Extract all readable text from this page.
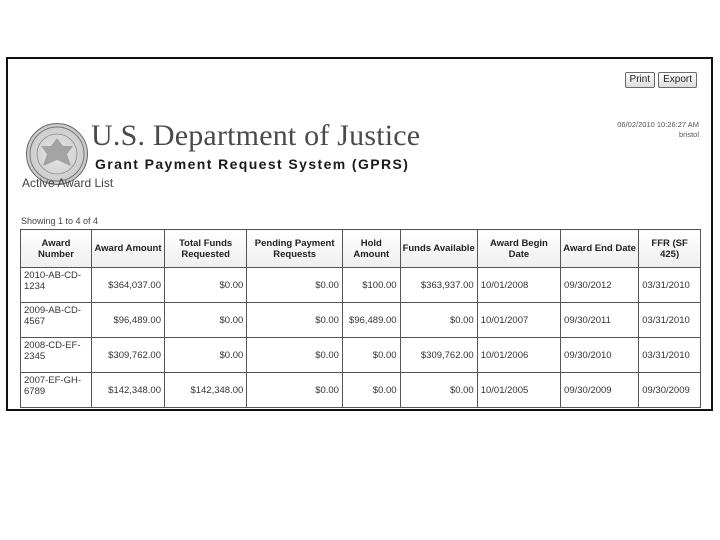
Print	Export
06/02/2010 10:26:27 AM
bristol
U.S. Department of Justice
Grant Payment Request System (GPRS)
Active Award List
Showing 1 to 4 of 4
Award Number	Award Amount	Total Funds Requested	Pending Payment Requests	Hold Amount	Funds Available	Award Begin Date	Award End Date	FFR (SF 425)
2010-AB-CD-1234	$364,037.00	$0.00	$0.00	$100.00	$363,937.00	10/01/2008	09/30/2012	03/31/2010
2009-AB-CD-4567	$96,489.00	$0.00	$0.00	$96,489.00	$0.00	10/01/2007	09/30/2011	03/31/2010
2008-CD-EF-2345	$309,762.00	$0.00	$0.00	$0.00	$309,762.00	10/01/2006	09/30/2010	03/31/2010
2007-EF-GH-6789	$142,348.00	$142,348.00	$0.00	$0.00	$0.00	10/01/2005	09/30/2009	09/30/2009
